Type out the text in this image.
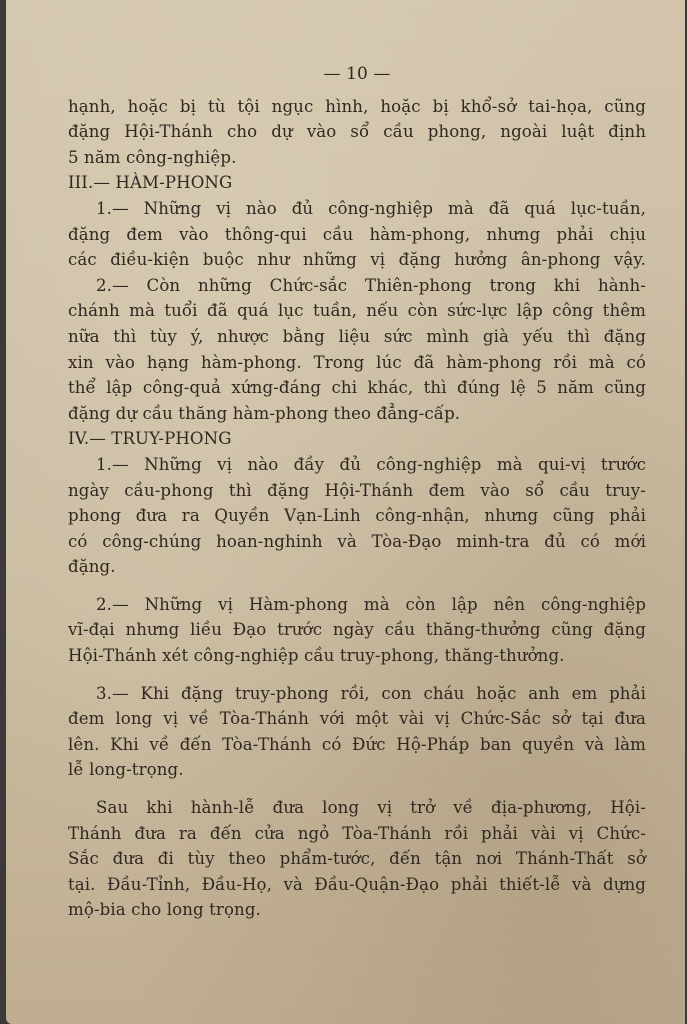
— 10 —
hạnh, hoặc bị tù tội ngục hình, hoặc bị khổ-sở tai-họa, cũng
đặng Hội-Thánh cho dự vào sổ cầu phong, ngoài luật định
5 năm công-nghiệp.
III.— HÀM-PHONG
1.— Những vị nào đủ công-nghiệp mà đã quá lục-tuần,
đặng đem vào thông-qui cầu hàm-phong, nhưng phải chịu
các điều-kiện buộc như những vị đặng hưởng ân-phong vậy.
2.— Còn những Chức-sắc Thiên-phong trong khi hành-
chánh mà tuổi đã quá lục tuần, nếu còn sức-lực lập công thêm
nữa thì tùy ý, nhược bằng liệu sức mình già yếu thì đặng
xin vào hạng hàm-phong. Trong lúc đã hàm-phong rồi mà có
thể lập công-quả xứng-đáng chi khác, thì đúng lệ 5 năm cũng
đặng dự cầu thăng hàm-phong theo đẳng-cấp.
IV.— TRUY-PHONG
1.— Những vị nào đầy đủ công-nghiệp mà qui-vị trước
ngày cầu-phong thì đặng Hội-Thánh đem vào sổ cầu truy-
phong đưa ra Quyền Vạn-Linh công-nhận, nhưng cũng phải
có công-chúng hoan-nghinh và Tòa-Đạo minh-tra đủ có mới
đặng.
2.— Những vị Hàm-phong mà còn lập nên công-nghiệp
vĩ-đại nhưng liều Đạo trước ngày cầu thăng-thưởng cũng đặng
Hội-Thánh xét công-nghiệp cầu truy-phong, thăng-thưởng.
3.— Khi đặng truy-phong rồi, con cháu hoặc anh em phải
đem long vị về Tòa-Thánh với một vài vị Chức-Sắc sở tại đưa
lên. Khi về đến Tòa-Thánh có Đức Hộ-Pháp ban quyền và làm
lễ long-trọng.
Sau khi hành-lễ đưa long vị trở về địa-phương, Hội-
Thánh đưa ra đến cửa ngỏ Tòa-Thánh rồi phải vài vị Chức-
Sắc đưa đi tùy theo phẩm-tước, đến tận nơi Thánh-Thất sở
tại. Đầu-Tỉnh, Đầu-Họ, và Đầu-Quận-Đạo phải thiết-lễ và dựng
mộ-bia cho long trọng.
